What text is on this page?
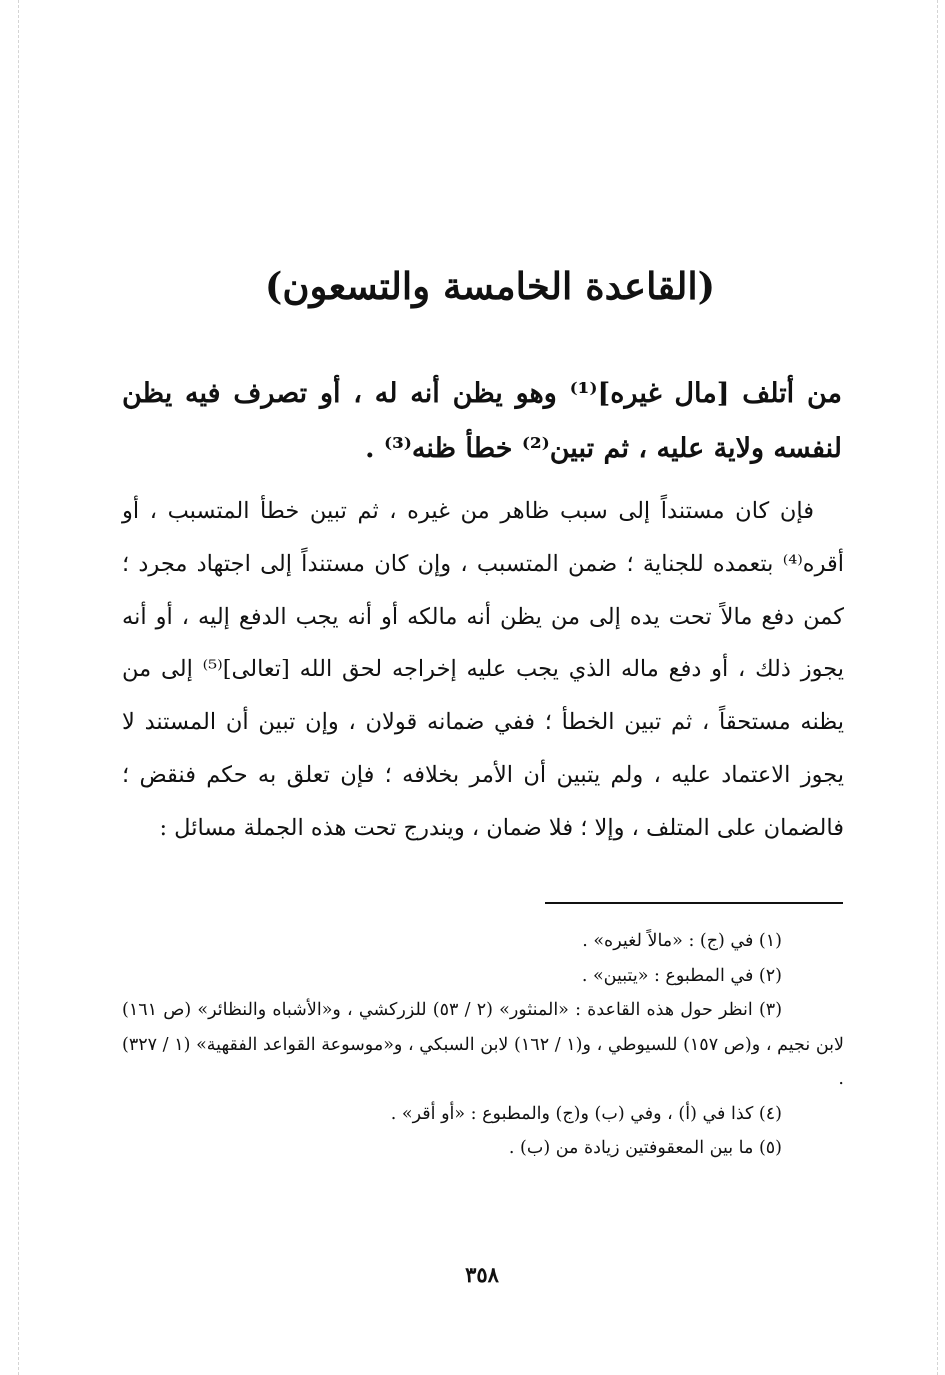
(القاعدة الخامسة والتسعون)
من أتلف [مال غيره]⁽¹⁾ وهو يظن أنه له ، أو تصرف فيه يظن لنفسه ولاية عليه ، ثم تبين⁽²⁾ خطأ ظنه⁽³⁾ .
فإن كان مستنداً إلى سبب ظاهر من غيره ، ثم تبين خطأ المتسبب ، أو أقره⁽⁴⁾ بتعمده للجناية ؛ ضمن المتسبب ، وإن كان مستنداً إلى اجتهاد مجرد ؛ كمن دفع مالاً تحت يده إلى من يظن أنه مالكه أو أنه يجب الدفع إليه ، أو أنه يجوز ذلك ، أو دفع ماله الذي يجب عليه إخراجه لحق الله [تعالى]⁽⁵⁾ إلى من يظنه مستحقاً ، ثم تبين الخطأ ؛ ففي ضمانه قولان ، وإن تبين أن المستند لا يجوز الاعتماد عليه ، ولم يتبين أن الأمر بخلافه ؛ فإن تعلق به حكم فنقض ؛ فالضمان على المتلف ، وإلا ؛ فلا ضمان ، ويندرج تحت هذه الجملة مسائل :

(١) في (ج) : «مالاً لغيره» .

(٢) في المطبوع : «يتبين» .

(٣) انظر حول هذه القاعدة : «المنثور» (٢ / ٥٣) للزركشي ، و«الأشباه والنظائر» (ص ١٦١) لابن نجيم ، و(ص ١٥٧) للسيوطي ، و(١ / ١٦٢) لابن السبكي ، و«موسوعة القواعد الفقهية» (١ / ٣٢٧) .

(٤) كذا في (أ) ، وفي (ب) و(ج) والمطبوع : «أو أقر» .

(٥) ما بين المعقوفتين زيادة من (ب) .

٣٥٨
